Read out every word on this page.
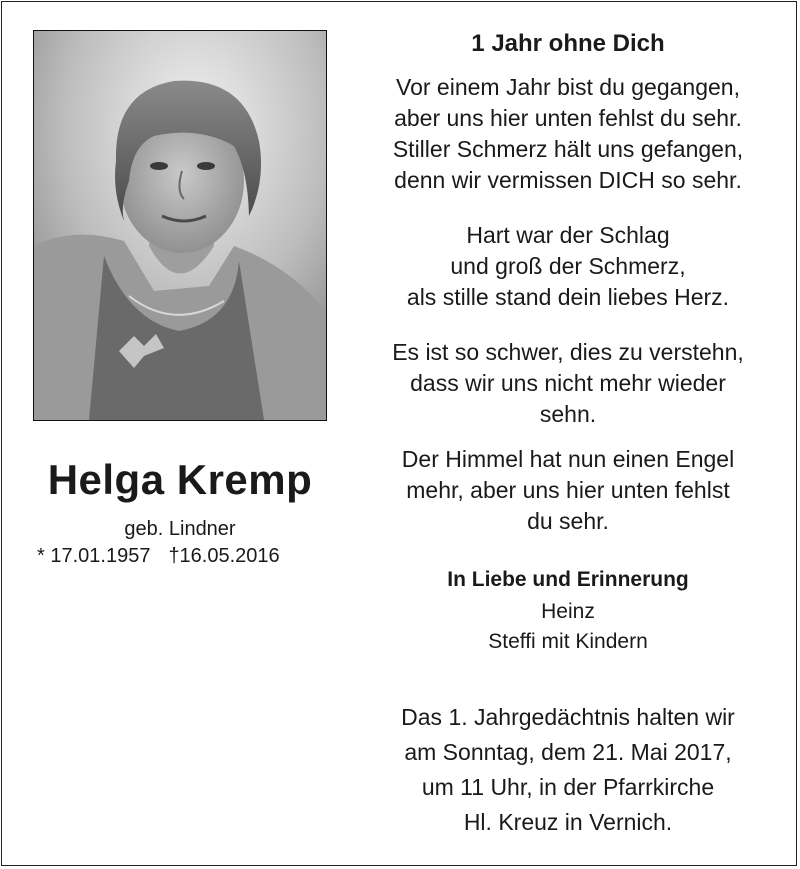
Helga Kremp
geb. Lindner
* 17.01.1957 †16.05.2016
1 Jahr ohne Dich
Vor einem Jahr bist du gegangen,
aber uns hier unten fehlst du sehr.
Stiller Schmerz hält uns gefangen,
denn wir vermissen DICH so sehr.
Hart war der Schlag
und groß der Schmerz,
als stille stand dein liebes Herz.
Es ist so schwer, dies zu verstehn,
dass wir uns nicht mehr wieder
sehn.
Der Himmel hat nun einen Engel
mehr, aber uns hier unten fehlst
du sehr.
In Liebe und Erinnerung
Heinz
Steffi mit Kindern
Das 1. Jahrgedächtnis halten wir
am Sonntag, dem 21. Mai 2017,
um 11 Uhr, in der Pfarrkirche
Hl. Kreuz in Vernich.
